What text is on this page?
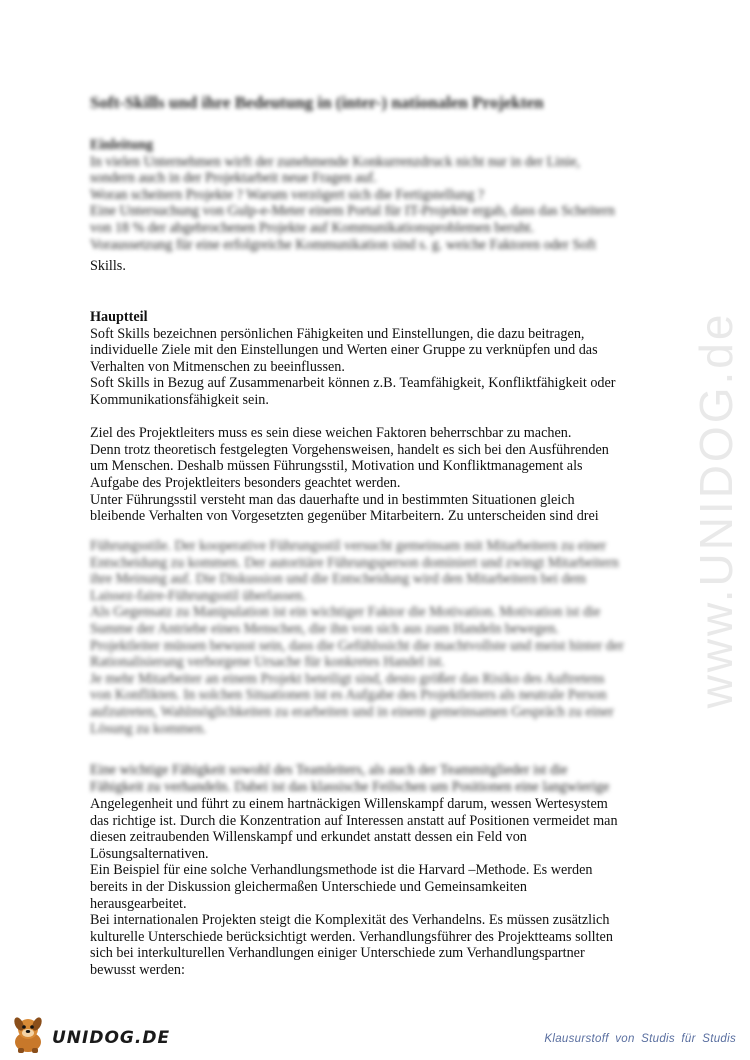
Soft-Skills und ihre Bedeutung in (inter-) nationalen Projekten
Einleitung
In vielen Unternehmen wirft der zunehmende Konkurrenzdruck nicht nur in der Linie,
sondern auch in der Projektarbeit neue Fragen auf.
Woran scheitern Projekte ? Warum verzögert sich die Fertigstellung ?
Eine Untersuchung von Gulp-e-Meter einem Portal für IT-Projekte ergab, dass das Scheitern
von 18 % der abgebrochenen Projekte auf Kommunikationsproblemen beruht.
Voraussetzung für eine erfolgreiche Kommunikation sind s. g. weiche Faktoren oder Soft
Skills.
Hauptteil
Soft Skills bezeichnen persönlichen Fähigkeiten und Einstellungen, die dazu beitragen,
individuelle Ziele mit den Einstellungen und Werten einer Gruppe zu verknüpfen und das
Verhalten von Mitmenschen zu beeinflussen.
Soft Skills in Bezug auf Zusammenarbeit können z.B. Teamfähigkeit, Konfliktfähigkeit oder
Kommunikationsfähigkeit sein.

Ziel des Projektleiters muss es sein diese weichen Faktoren beherrschbar zu machen.
Denn trotz theoretisch festgelegten Vorgehensweisen, handelt es sich bei den Ausführenden
um Menschen. Deshalb müssen Führungsstil, Motivation und Konfliktmanagement als
Aufgabe des Projektleiters besonders geachtet werden.
Unter Führungsstil versteht man das dauerhafte und in bestimmten Situationen gleich
bleibende Verhalten von Vorgesetzten gegenüber Mitarbeitern. Zu unterscheiden sind drei
Führungsstile. Der kooperative Führungsstil versucht gemeinsam mit Mitarbeitern zu einer
Entscheidung zu kommen. Der autoritäre Führungsperson dominiert und zwingt Mitarbeitern
ihre Meinung auf. Die Diskussion und die Entscheidung wird den Mitarbeitern bei dem
Laissez-faire-Führungsstil überlassen.
Als Gegensatz zu Manipulation ist ein wichtiger Faktor die Motivation. Motivation ist die
Summe der Antriebe eines Menschen, die ihn von sich aus zum Handeln bewegen.
Projektleiter müssen bewusst sein, dass die Gefühlssicht die machtvollste und meist hinter der
Rationalisierung verborgene Ursache für konkretes Handel ist.
Je mehr Mitarbeiter an einem Projekt beteiligt sind, desto größer das Risiko des Auftretens
von Konflikten. In solchen Situationen ist es Aufgabe des Projektleiters als neutrale Person
aufzutreten, Wahlmöglichkeiten zu erarbeiten und in einem gemeinsamen Gespräch zu einer
Lösung zu kommen.
Eine wichtige Fähigkeit sowohl des Teamleiters, als auch der Teammitglieder ist die
Fähigkeit zu verhandeln. Dabei ist das klassische Feilschen um Positionen eine langwierige
Angelegenheit und führt zu einem hartnäckigen Willenskampf darum, wessen Wertesystem
das richtige ist. Durch die Konzentration auf Interessen anstatt auf Positionen vermeidet man
diesen zeitraubenden Willenskampf und erkundet anstatt dessen ein Feld von
Lösungsalternativen.
Ein Beispiel für eine solche Verhandlungsmethode ist die Harvard –Methode. Es werden
bereits in der Diskussion gleichermaßen Unterschiede und Gemeinsamkeiten
herausgearbeitet.
Bei internationalen Projekten steigt die Komplexität des Verhandelns. Es müssen zusätzlich
kulturelle Unterschiede berücksichtigt werden. Verhandlungsführer des Projektteams sollten
sich bei interkulturellen Verhandlungen einiger Unterschiede zum Verhandlungspartner
bewusst werden:
www.UNIDOG.de
UNIDOG.DE	Klausurstoff von Studis für Studis
